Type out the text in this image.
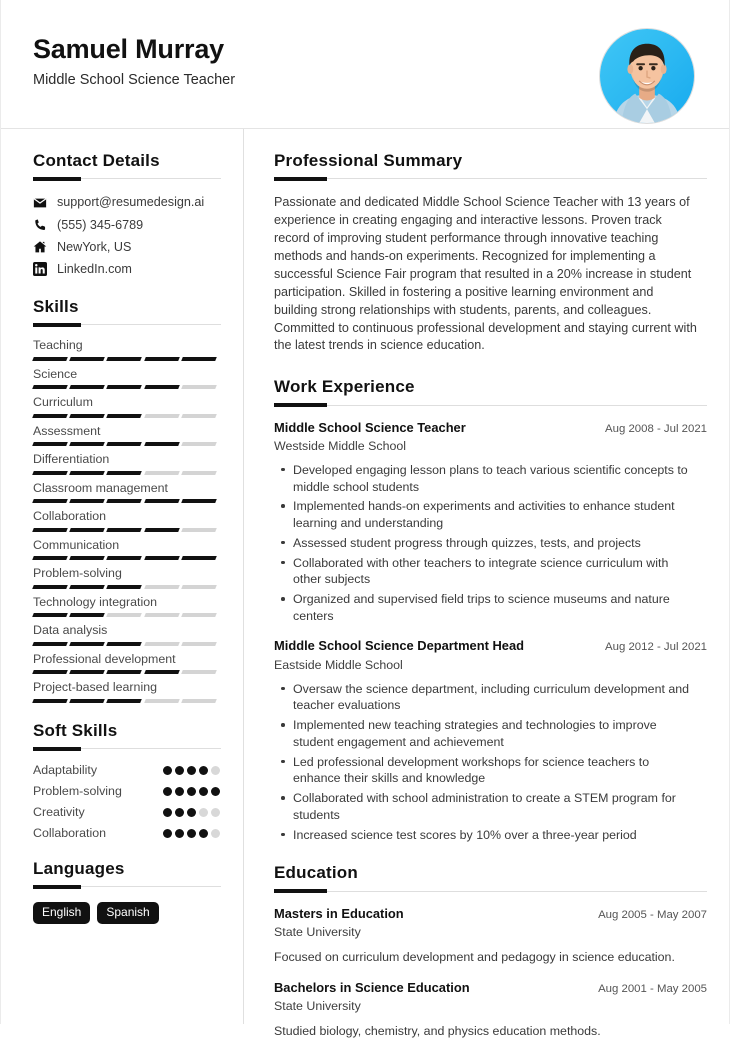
Samuel Murray
Middle School Science Teacher
Contact Details
support@resumedesign.ai
(555) 345-6789
NewYork, US
LinkedIn.com
Skills
Teaching
Science
Curriculum
Assessment
Differentiation
Classroom management
Collaboration
Communication
Problem-solving
Technology integration
Data analysis
Professional development
Project-based learning
Soft Skills
Adaptability
Problem-solving
Creativity
Collaboration
Languages
English	Spanish
Professional Summary

Passionate and dedicated Middle School Science Teacher with 13 years of experience in creating engaging and interactive lessons. Proven track record of improving student performance through innovative teaching methods and hands-on experiments. Recognized for implementing a successful Science Fair program that resulted in a 20% increase in student participation. Skilled in fostering a positive learning environment and building strong relationships with students, parents, and colleagues. Committed to continuous professional development and staying current with the latest trends in science education.

Work Experience
Middle School Science Teacher	Aug 2008 - Jul 2021
Westside Middle School
Developed engaging lesson plans to teach various scientific concepts to middle school students
Implemented hands-on experiments and activities to enhance student learning and understanding
Assessed student progress through quizzes, tests, and projects
Collaborated with other teachers to integrate science curriculum with other subjects
Organized and supervised field trips to science museums and nature centers
Middle School Science Department Head	Aug 2012 - Jul 2021
Eastside Middle School
Oversaw the science department, including curriculum development and teacher evaluations
Implemented new teaching strategies and technologies to improve student engagement and achievement
Led professional development workshops for science teachers to enhance their skills and knowledge
Collaborated with school administration to create a STEM program for students
Increased science test scores by 10% over a three-year period
Education
Masters in Education	Aug 2005 - May 2007
State University
Focused on curriculum development and pedagogy in science education.
Bachelors in Science Education	Aug 2001 - May 2005
State University
Studied biology, chemistry, and physics education methods.
